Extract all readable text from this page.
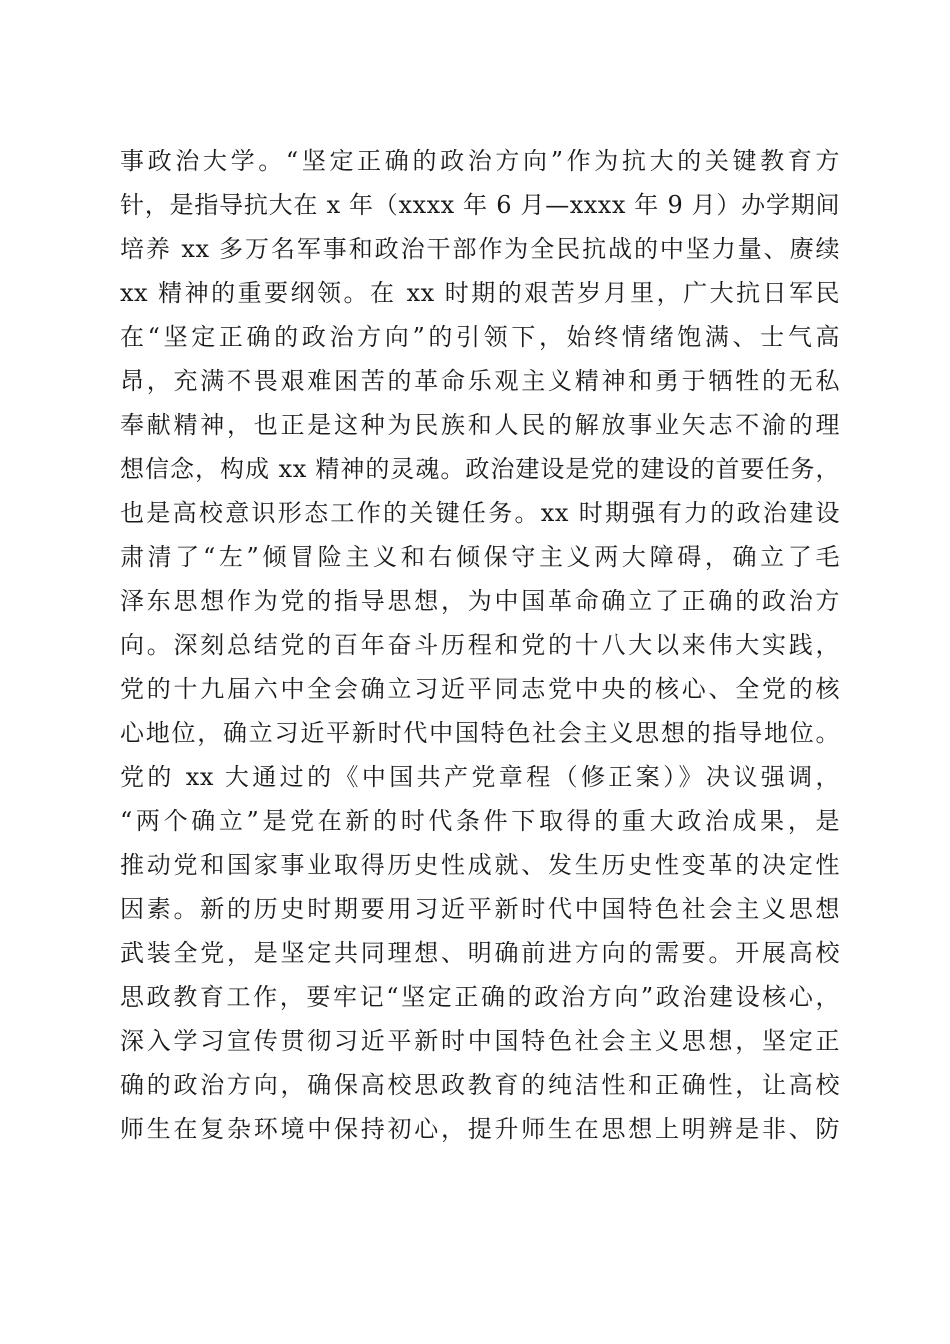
事政治大学。“坚定正确的政治方向”作为抗大的关键教育方
针，是指导抗大在 x 年（xxxx 年 6 月—xxxx 年 9 月）办学期间
培养 xx 多万名军事和政治干部作为全民抗战的中坚力量、赓续
xx 精神的重要纲领。在 xx 时期的艰苦岁月里，广大抗日军民
在“坚定正确的政治方向”的引领下，始终情绪饱满、士气高
昂，充满不畏艰难困苦的革命乐观主义精神和勇于牺牲的无私
奉献精神，也正是这种为民族和人民的解放事业矢志不渝的理
想信念，构成 xx 精神的灵魂。政治建设是党的建设的首要任务，
也是高校意识形态工作的关键任务。xx 时期强有力的政治建设
肃清了“左”倾冒险主义和右倾保守主义两大障碍，确立了毛
泽东思想作为党的指导思想，为中国革命确立了正确的政治方
向。深刻总结党的百年奋斗历程和党的十八大以来伟大实践，
党的十九届六中全会确立习近平同志党中央的核心、全党的核
心地位，确立习近平新时代中国特色社会主义思想的指导地位。
党的 xx 大通过的《中国共产党章程（修正案）》决议强调，
“两个确立”是党在新的时代条件下取得的重大政治成果，是
推动党和国家事业取得历史性成就、发生历史性变革的决定性
因素。新的历史时期要用习近平新时代中国特色社会主义思想
武装全党，是坚定共同理想、明确前进方向的需要。开展高校
思政教育工作，要牢记“坚定正确的政治方向”政治建设核心，
深入学习宣传贯彻习近平新时中国特色社会主义思想，坚定正
确的政治方向，确保高校思政教育的纯洁性和正确性，让高校
师生在复杂环境中保持初心，提升师生在思想上明辨是非、防
